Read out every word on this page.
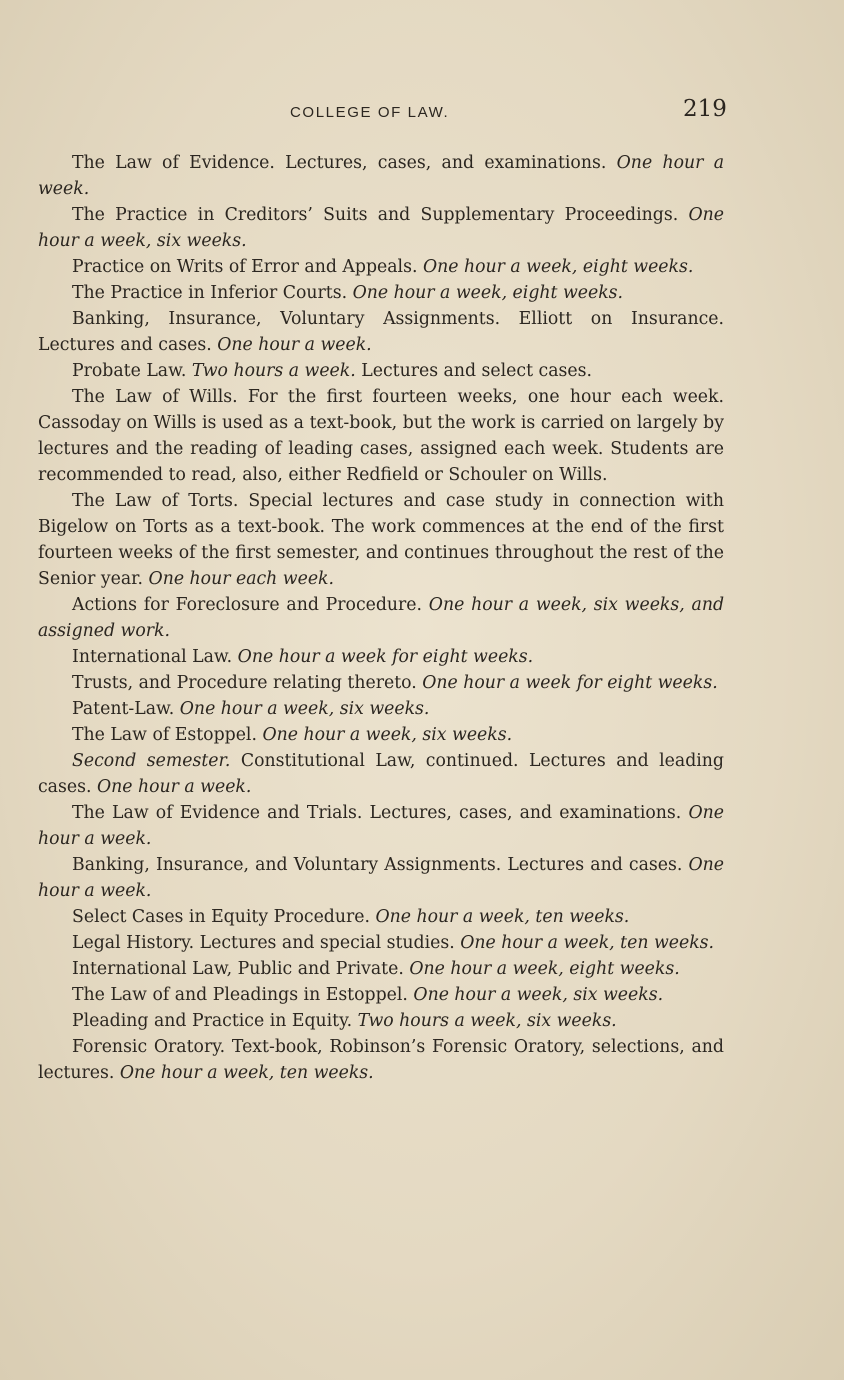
COLLEGE OF LAW.	219

The Law of Evidence. Lectures, cases, and examinations. One hour a week.

The Practice in Creditors’ Suits and Supplementary Proceedings. One hour a week, six weeks.

Practice on Writs of Error and Appeals. One hour a week, eight weeks.

The Practice in Inferior Courts. One hour a week, eight weeks.

Banking, Insurance, Voluntary Assignments. Elliott on Insurance. Lectures and cases. One hour a week.

Probate Law. Two hours a week. Lectures and select cases.

The Law of Wills. For the first fourteen weeks, one hour each week. Cassoday on Wills is used as a text-book, but the work is carried on largely by lectures and the reading of leading cases, assigned each week. Students are recommended to read, also, either Redfield or Schouler on Wills.

The Law of Torts. Special lectures and case study in connection with Bigelow on Torts as a text-book. The work commences at the end of the first fourteen weeks of the first semester, and continues throughout the rest of the Senior year. One hour each week.

Actions for Foreclosure and Procedure. One hour a week, six weeks, and assigned work.

International Law. One hour a week for eight weeks.

Trusts, and Procedure relating thereto. One hour a week for eight weeks.

Patent-Law. One hour a week, six weeks.

The Law of Estoppel. One hour a week, six weeks.

Second semester. Constitutional Law, continued. Lectures and leading cases. One hour a week.

The Law of Evidence and Trials. Lectures, cases, and examinations. One hour a week.

Banking, Insurance, and Voluntary Assignments. Lectures and cases. One hour a week.

Select Cases in Equity Procedure. One hour a week, ten weeks.

Legal History. Lectures and special studies. One hour a week, ten weeks.

International Law, Public and Private. One hour a week, eight weeks.

The Law of and Pleadings in Estoppel. One hour a week, six weeks.

Pleading and Practice in Equity. Two hours a week, six weeks.

Forensic Oratory. Text-book, Robinson’s Forensic Oratory, selections, and lectures. One hour a week, ten weeks.
